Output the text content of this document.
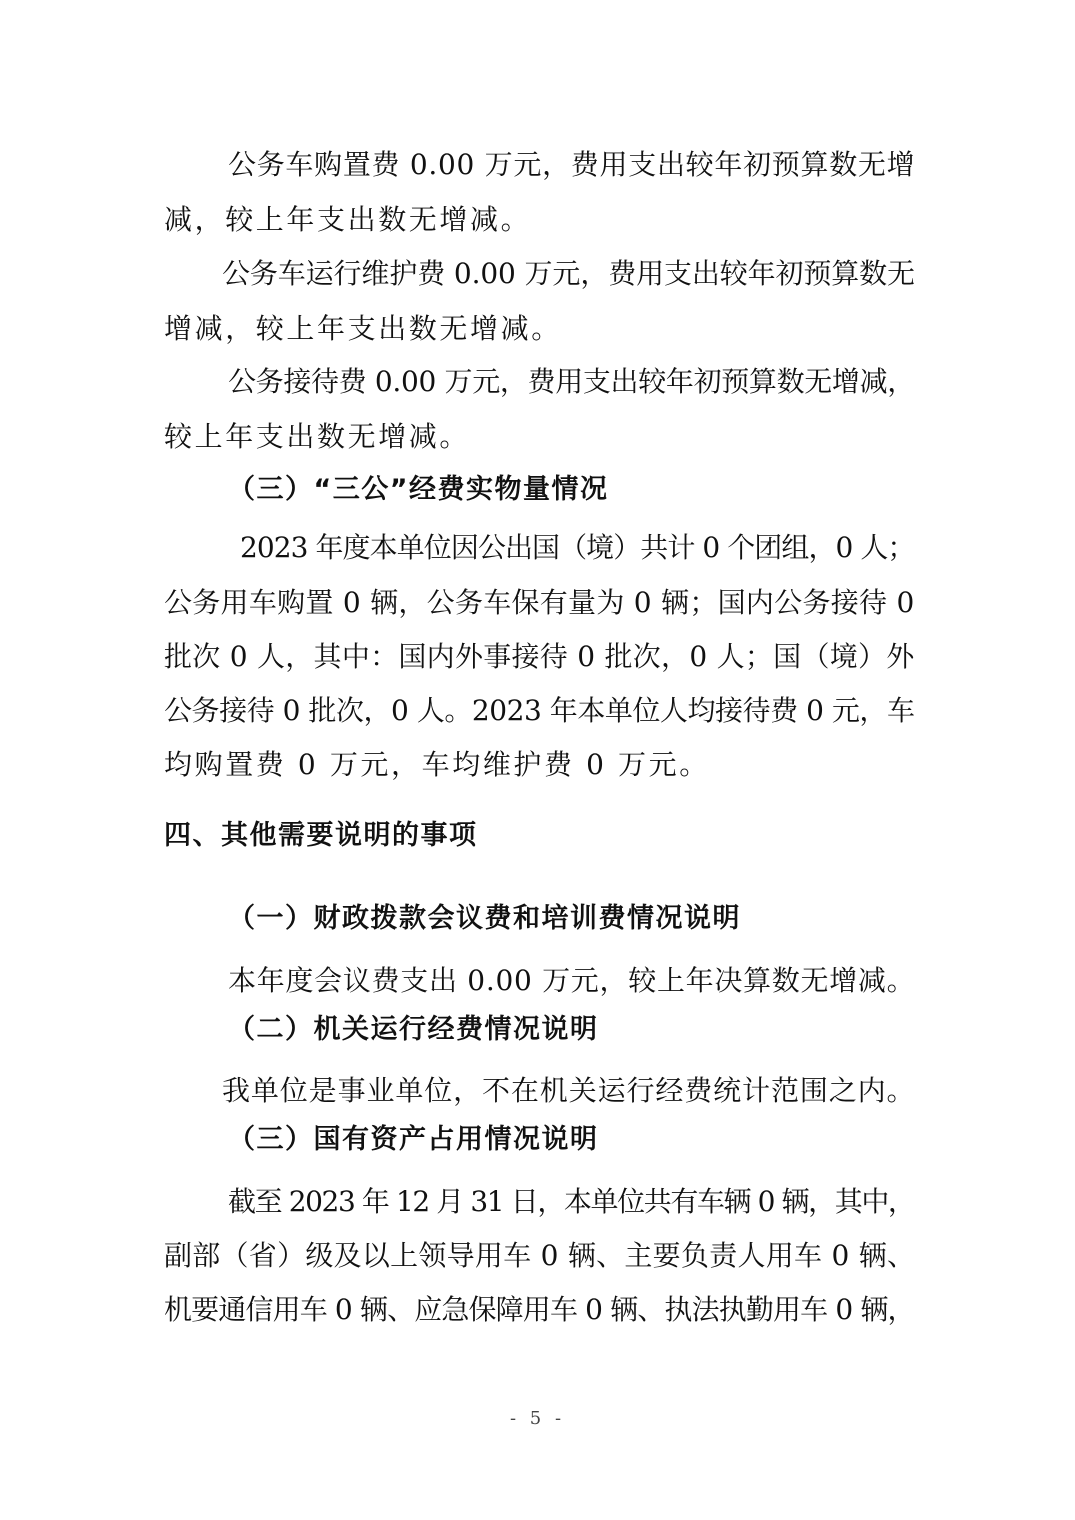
公务车购置费 0.00 万元，费用支出较年初预算数无增
减，较上年支出数无增减。
公务车运行维护费 0.00 万元，费用支出较年初预算数无
增减，较上年支出数无增减。
公务接待费 0.00 万元，费用支出较年初预算数无增减，
较上年支出数无增减。
（三）“三公”经费实物量情况
2023 年度本单位因公出国（境）共计 0 个团组，0 人；
公务用车购置 0 辆，公务车保有量为 0 辆；国内公务接待 0
批次 0 人，其中：国内外事接待 0 批次，0 人；国（境）外
公务接待 0 批次，0 人。2023 年本单位人均接待费 0 元，车
均购置费 0 万元，车均维护费 0 万元。
四、其他需要说明的事项
（一）财政拨款会议费和培训费情况说明
本年度会议费支出 0.00 万元，较上年决算数无增减。
（二）机关运行经费情况说明
我单位是事业单位，不在机关运行经费统计范围之内。
（三）国有资产占用情况说明
截至 2023 年 12 月 31 日，本单位共有车辆 0 辆，其中，
副部（省）级及以上领导用车 0 辆、主要负责人用车 0 辆、
机要通信用车 0 辆、应急保障用车 0 辆、执法执勤用车 0 辆，
- 5 -
